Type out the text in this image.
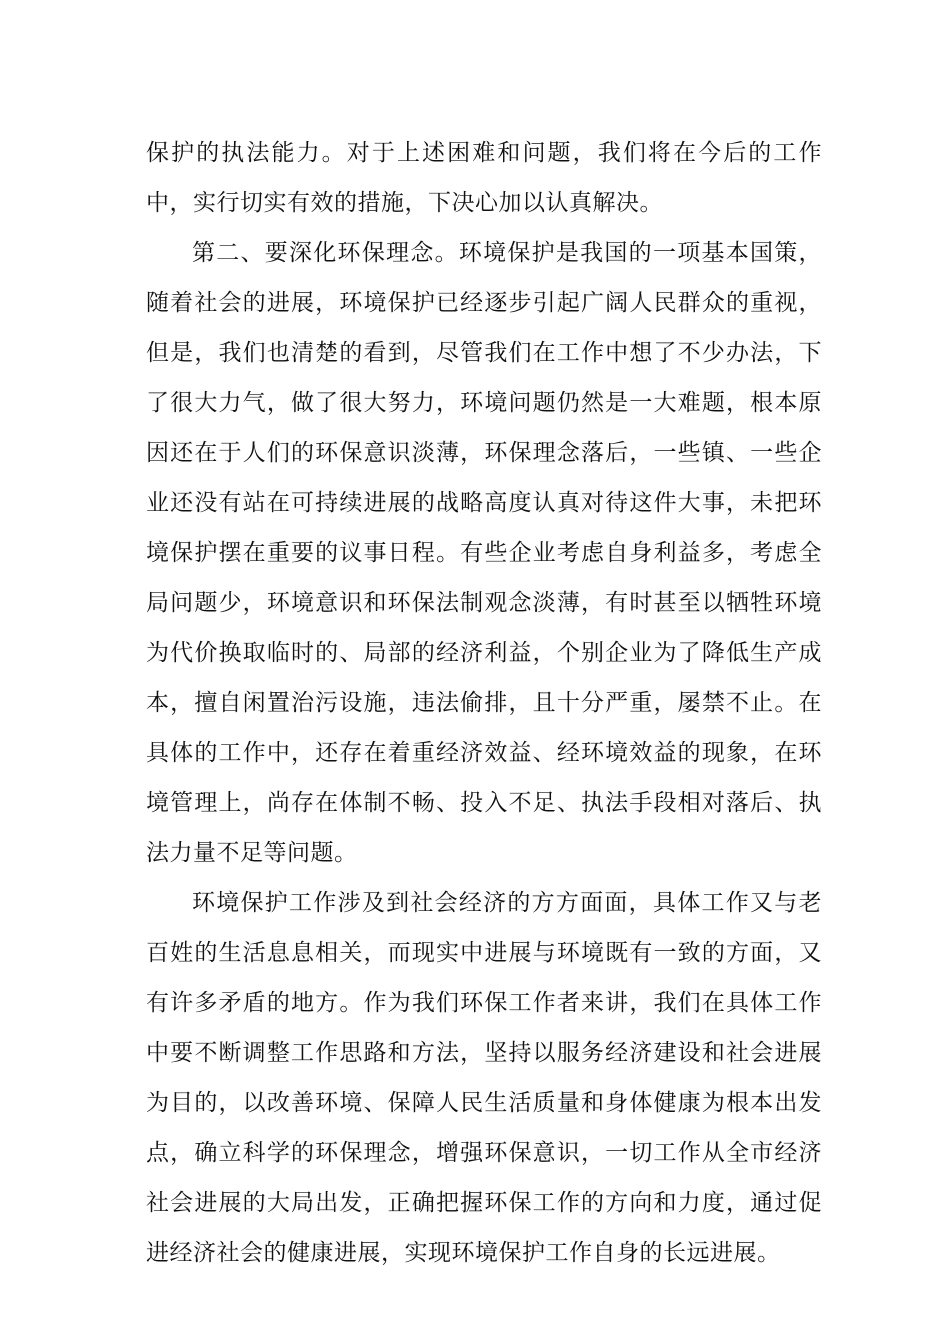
保护的执法能力。对于上述困难和问题，我们将在今后的工作中，实行切实有效的措施，下决心加以认真解决。

第二、要深化环保理念。环境保护是我国的一项基本国策，随着社会的进展，环境保护已经逐步引起广阔人民群众的重视，但是，我们也清楚的看到，尽管我们在工作中想了不少办法，下了很大力气，做了很大努力，环境问题仍然是一大难题，根本原因还在于人们的环保意识淡薄，环保理念落后，一些镇、一些企业还没有站在可持续进展的战略高度认真对待这件大事，未把环境保护摆在重要的议事日程。有些企业考虑自身利益多，考虑全局问题少，环境意识和环保法制观念淡薄，有时甚至以牺牲环境为代价换取临时的、局部的经济利益，个别企业为了降低生产成本，擅自闲置治污设施，违法偷排，且十分严重，屡禁不止。在具体的工作中，还存在着重经济效益、经环境效益的现象，在环境管理上，尚存在体制不畅、投入不足、执法手段相对落后、执法力量不足等问题。

环境保护工作涉及到社会经济的方方面面，具体工作又与老百姓的生活息息相关，而现实中进展与环境既有一致的方面，又有许多矛盾的地方。作为我们环保工作者来讲，我们在具体工作中要不断调整工作思路和方法，坚持以服务经济建设和社会进展为目的，以改善环境、保障人民生活质量和身体健康为根本出发点，确立科学的环保理念，增强环保意识，一切工作从全市经济社会进展的大局出发，正确把握环保工作的方向和力度，通过促进经济社会的健康进展，实现环境保护工作自身的长远进展。
